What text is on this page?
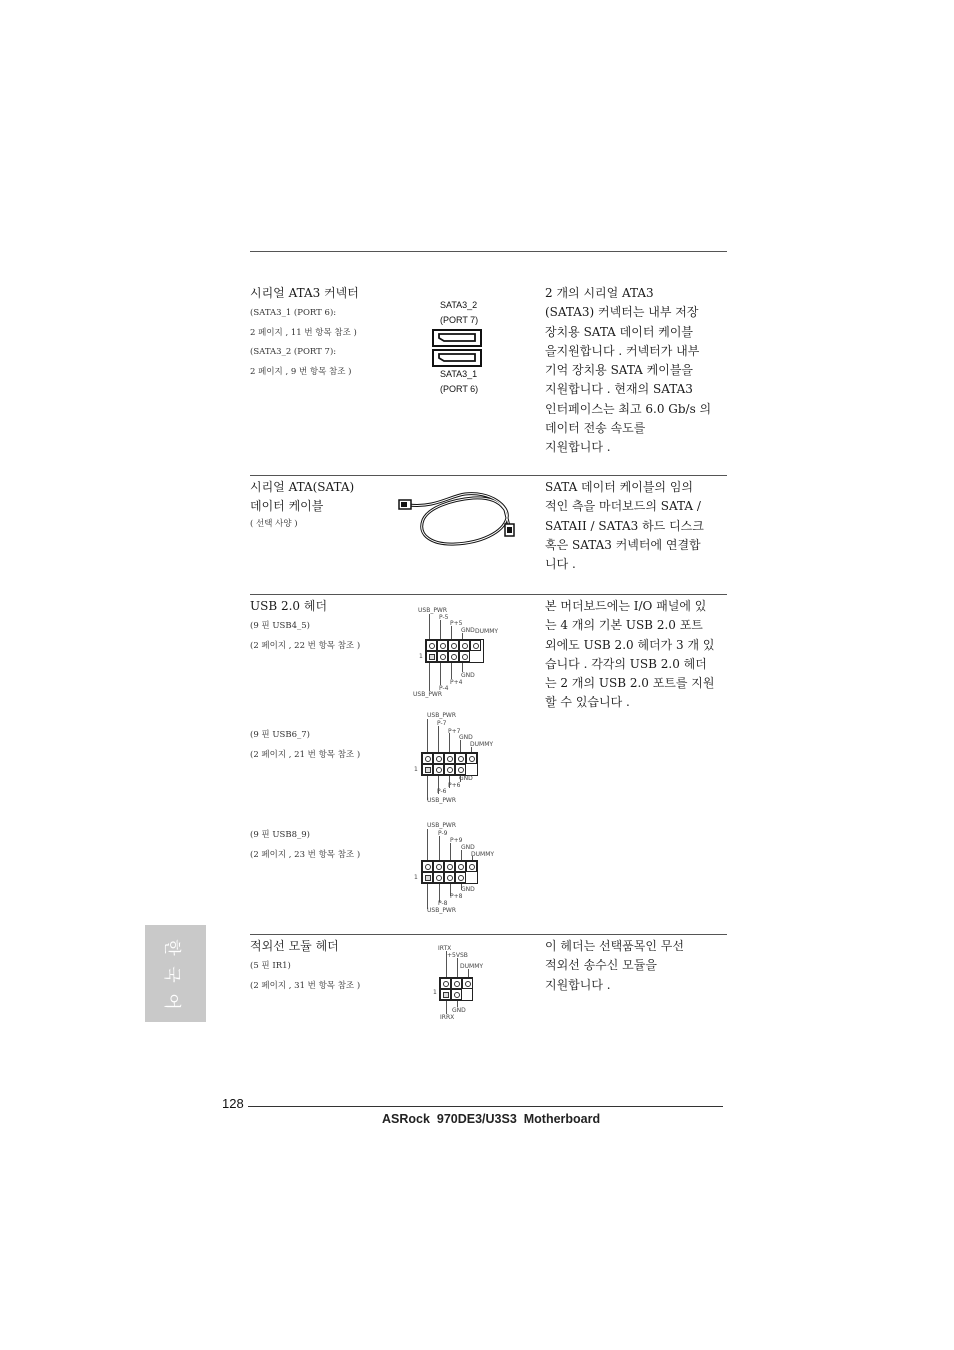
시리얼 ATA3 커넥터
(SATA3_1 (PORT 6):
2 페이지 , 11 번 항목 참조 )
(SATA3_2 (PORT 7):
2 페이지 , 9 번 항목 참조 )
SATA3_2
(PORT 7)
SATA3_1
(PORT 6)
2 개의 시리얼 ATA3
(SATA3) 커넥터는 내부 저장
장치용 SATA 데이터 케이블
을지원합니다 . 커넥터가 내부
기억 장치용 SATA 케이블을
지원합니다 . 현재의 SATA3
인터페이스는 최고 6.0 Gb/s 의
데이터 전송 속도를
지원합니다 .
시리얼 ATA(SATA)
데이터 케이블
( 선택 사양 )
SATA 데이터 케이블의 임의
적인 측을 마더보드의 SATA /
SATAII / SATA3 하드 디스크
혹은 SATA3 커넥터에 연결합
니다 .
USB 2.0 헤더
(9 핀 USB4_5)
(2 페이지 , 22 번 항목 참조 )
(9 핀 USB6_7)
(2 페이지 , 21 번 항목 참조 )
(9 핀 USB8_9)
(2 페이지 , 23 번 항목 참조 )
USB_PWR
P-5
P+5
GND DUMMY
1
GND
P+4
P-4
USB_PWR
USB_PWR
P-7
P+7
GND
DUMMY
1
GND
P+6
P-6
USB_PWR
USB_PWR
P-9
P+9
GND
DUMMY
1
GND
P+8
P-8
USB_PWR
본 머더보드에는 I/O 패널에 있
는 4 개의 기본 USB 2.0 포트
외에도 USB 2.0 헤더가 3 개 있
습니다 . 각각의 USB 2.0 헤더
는 2 개의 USB 2.0 포트를 지원
할 수 있습니다 .
적외선 모듈 헤더
(5 핀 IR1)
(2 페이지 , 31 번 항목 참조 )
IRTX
+5VSB
DUMMY
1
GND
IRRX
이 헤더는 선택품목인 무선
적외선 송수신 모듈을
지원합니다 .
한
국
어
128
ASRock  970DE3/U3S3  Motherboard
